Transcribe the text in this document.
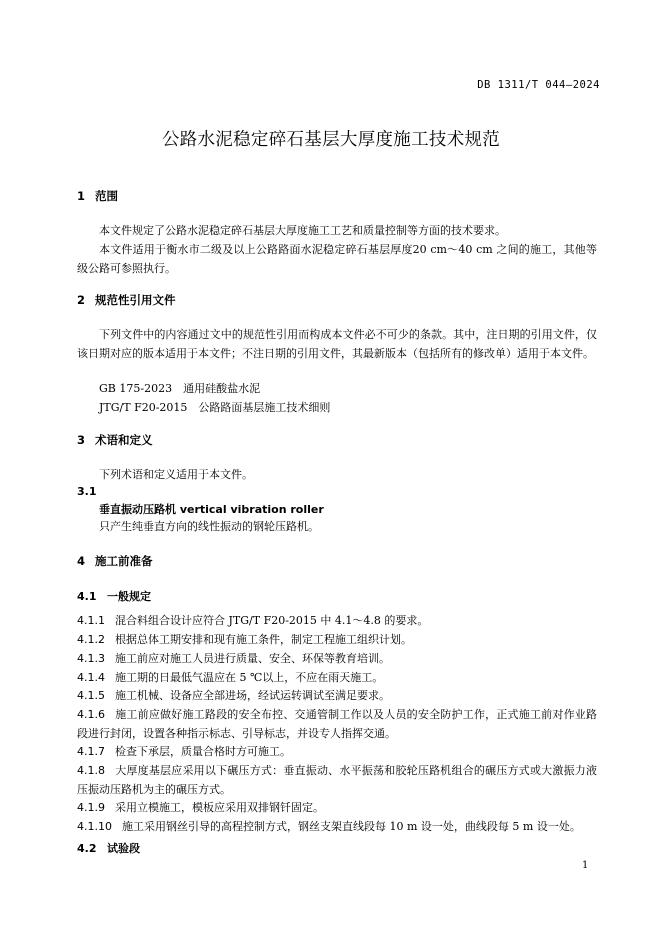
DB 1311/T 044—2024
公路水泥稳定碎石基层大厚度施工技术规范
1 范围
本文件规定了公路水泥稳定碎石基层大厚度施工工艺和质量控制等方面的技术要求。
本文件适用于衡水市二级及以上公路路面水泥稳定碎石基层厚度20 cm～40 cm 之间的施工，其他等级公路可参照执行。
2 规范性引用文件
下列文件中的内容通过文中的规范性引用而构成本文件必不可少的条款。其中，注日期的引用文件，仅该日期对应的版本适用于本文件；不注日期的引用文件，其最新版本（包括所有的修改单）适用于本文件。
GB 175-2023　通用硅酸盐水泥
JTG/T F20-2015　公路路面基层施工技术细则
3 术语和定义
下列术语和定义适用于本文件。
3.1
垂直振动压路机 vertical vibration roller
只产生纯垂直方向的线性振动的钢轮压路机。
4 施工前准备
4.1 一般规定
4.1.1 混合料组合设计应符合 JTG/T F20-2015 中 4.1～4.8 的要求。
4.1.2 根据总体工期安排和现有施工条件，制定工程施工组织计划。
4.1.3 施工前应对施工人员进行质量、安全、环保等教育培训。
4.1.4 施工期的日最低气温应在 5 ℃以上，不应在雨天施工。
4.1.5 施工机械、设备应全部进场，经试运转调试至满足要求。
4.1.6 施工前应做好施工路段的安全布控、交通管制工作以及人员的安全防护工作，正式施工前对作业路段进行封闭，设置各种指示标志、引导标志，并设专人指挥交通。
4.1.7 检查下承层，质量合格时方可施工。
4.1.8 大厚度基层应采用以下碾压方式：垂直振动、水平振荡和胶轮压路机组合的碾压方式或大激振力液压振动压路机为主的碾压方式。
4.1.9 采用立模施工，模板应采用双排钢钎固定。
4.1.10 施工采用钢丝引导的高程控制方式，钢丝支架直线段每 10 m 设一处，曲线段每 5 m 设一处。
4.2 试验段
1
